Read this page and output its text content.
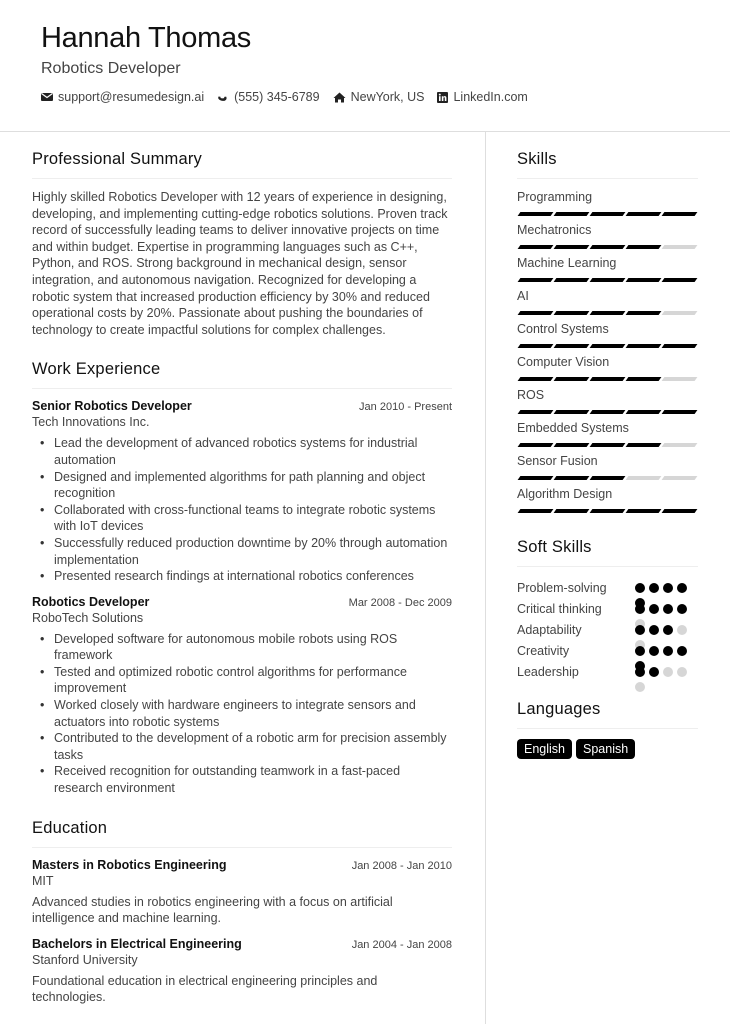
Hannah Thomas
Robotics Developer
support@resumedesign.ai (555) 345-6789 NewYork, US LinkedIn.com
Professional Summary

Highly skilled Robotics Developer with 12 years of experience in designing, developing, and implementing cutting-edge robotics solutions. Proven track record of successfully leading teams to deliver innovative projects on time and within budget. Expertise in programming languages such as C++, Python, and ROS. Strong background in mechanical design, sensor integration, and autonomous navigation. Recognized for developing a robotic system that increased production efficiency by 30% and reduced operational costs by 20%. Passionate about pushing the boundaries of technology to create impactful solutions for complex challenges.

Work Experience
Senior Robotics Developer	Jan 2010 - Present
Tech Innovations Inc.
• Lead the development of advanced robotics systems for industrial automation
• Designed and implemented algorithms for path planning and object recognition
• Collaborated with cross-functional teams to integrate robotic systems with IoT devices
• Successfully reduced production downtime by 20% through automation implementation
• Presented research findings at international robotics conferences
Robotics Developer	Mar 2008 - Dec 2009
RoboTech Solutions
• Developed software for autonomous mobile robots using ROS framework
• Tested and optimized robotic control algorithms for performance improvement
• Worked closely with hardware engineers to integrate sensors and actuators into robotic systems
• Contributed to the development of a robotic arm for precision assembly tasks
• Received recognition for outstanding teamwork in a fast-paced research environment
Education
Masters in Robotics Engineering	Jan 2008 - Jan 2010
MIT
Advanced studies in robotics engineering with a focus on artificial intelligence and machine learning.
Bachelors in Electrical Engineering	Jan 2004 - Jan 2008
Stanford University
Foundational education in electrical engineering principles and technologies.
Skills
Programming
Mechatronics
Machine Learning
AI
Control Systems
Computer Vision
ROS
Embedded Systems
Sensor Fusion
Algorithm Design
Soft Skills
Problem-solving
Critical thinking
Adaptability
Creativity
Leadership
Languages
English	Spanish
